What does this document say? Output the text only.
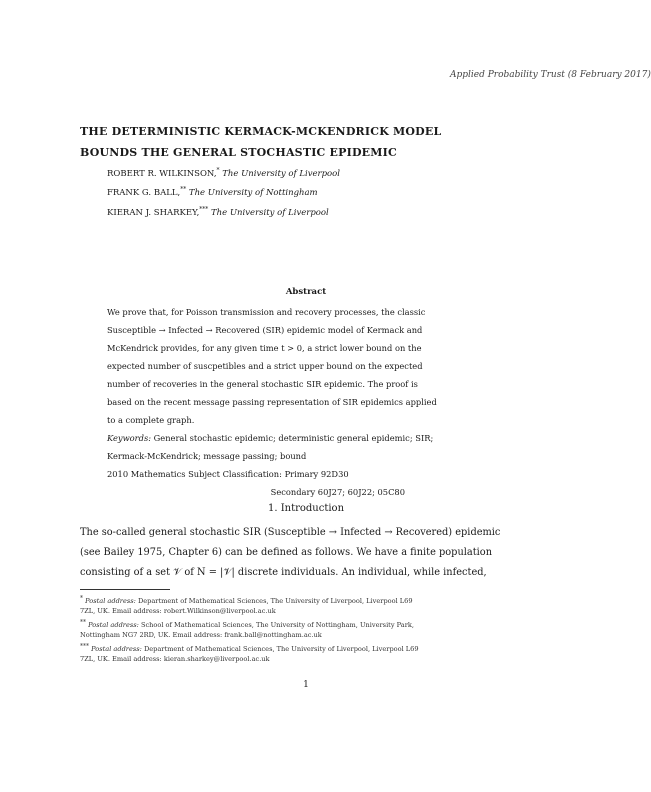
Applied Probability Trust (8 February 2017)
THE DETERMINISTIC KERMACK-MCKENDRICK MODEL
BOUNDS THE GENERAL STOCHASTIC EPIDEMIC
ROBERT R. WILKINSON,* The University of Liverpool
FRANK G. BALL,** The University of Nottingham
KIERAN J. SHARKEY,*** The University of Liverpool
Abstract
We prove that, for Poisson transmission and recovery processes, the classic
Susceptible → Infected → Recovered (SIR) epidemic model of Kermack and
McKendrick provides, for any given time t > 0, a strict lower bound on the
expected number of suscpetibles and a strict upper bound on the expected
number of recoveries in the general stochastic SIR epidemic. The proof is
based on the recent message passing representation of SIR epidemics applied
to a complete graph.
Keywords: General stochastic epidemic; deterministic general epidemic; SIR;
Kermack-McKendrick; message passing; bound
2010 Mathematics Subject Classification: Primary 92D30
Secondary 60J27; 60J22; 05C80
1. Introduction
The so-called general stochastic SIR (Susceptible → Infected → Recovered) epidemic
(see Bailey 1975, Chapter 6) can be defined as follows. We have a finite population
consisting of a set 𝒱 of N = |𝒱| discrete individuals. An individual, while infected,
* Postal address: Department of Mathematical Sciences, The University of Liverpool, Liverpool L69
7ZL, UK. Email address: robert.Wilkinson@liverpool.ac.uk
** Postal address: School of Mathematical Sciences, The University of Nottingham, University Park,
Nottingham NG7 2RD, UK. Email address: frank.ball@nottingham.ac.uk
*** Postal address: Department of Mathematical Sciences, The University of Liverpool, Liverpool L69
7ZL, UK. Email address: kieran.sharkey@liverpool.ac.uk
1
